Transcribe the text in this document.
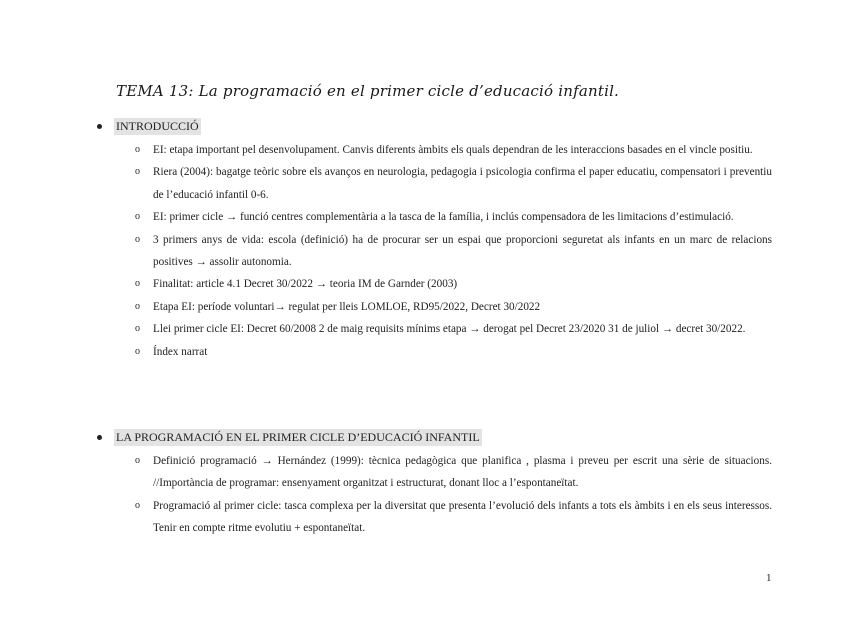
TEMA 13: La programació en el primer cicle d’educació infantil.
INTRODUCCIÓ
o EI: etapa important pel desenvolupament. Canvis diferents àmbits els quals dependran de les interaccions basades en el vincle positiu.
o Riera (2004): bagatge teòric sobre els avanços en neurologia, pedagogia i psicologia confirma el paper educatiu, compensatori i preventiu de l’educació infantil 0-6.
o EI: primer cicle → funció centres complementària a la tasca de la família, i inclús compensadora de les limitacions d’estimulació.
o 3 primers anys de vida: escola (definició) ha de procurar ser un espai que proporcioni seguretat als infants en un marc de relacions positives → assolir autonomia.
o Finalitat: article 4.1 Decret 30/2022 → teoria IM de Garnder (2003)
o Etapa EI: període voluntari→ regulat per lleis LOMLOE, RD95/2022, Decret 30/2022
o Llei primer cicle EI: Decret 60/2008 2 de maig requisits mínims etapa → derogat pel Decret 23/2020 31 de juliol → decret 30/2022.
o Índex narrat
LA PROGRAMACIÓ EN EL PRIMER CICLE D’EDUCACIÓ INFANTIL
o Definició programació → Hernández (1999): tècnica pedagògica que planifica , plasma i preveu per escrit una sèrie de situacions. //Importància de programar: ensenyament organitzat i estructurat, donant lloc a l’espontaneïtat.
o Programació al primer cicle: tasca complexa per la diversitat que presenta l’evolució dels infants a tots els àmbits i en els seus interessos. Tenir en compte ritme evolutiu + espontaneïtat.
1
